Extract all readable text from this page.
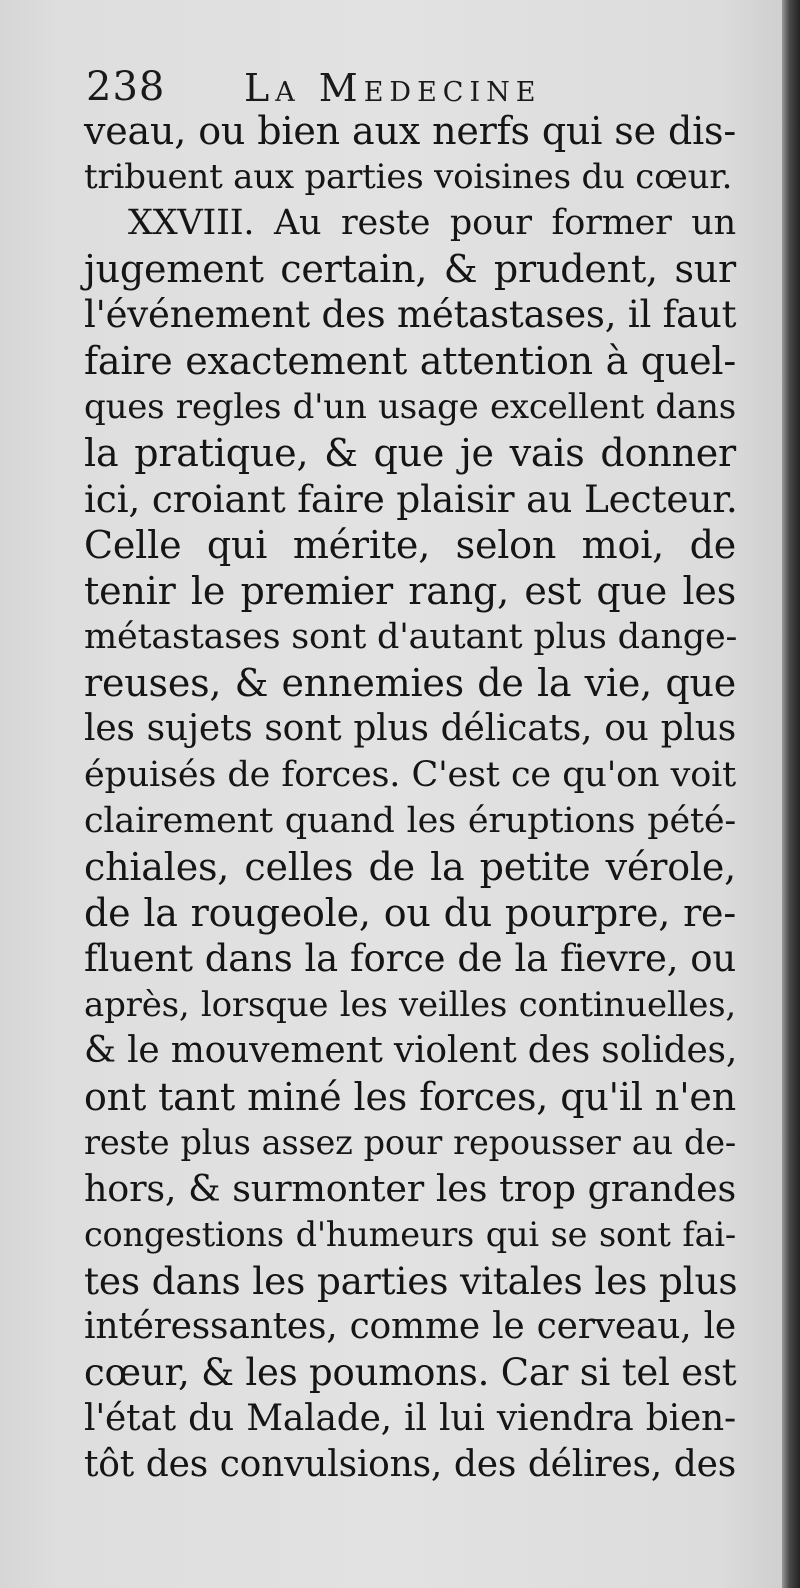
238 La Medecine
veau, ou bien aux nerfs qui se dis-
tribuent aux parties voisines du cœur.
XXVIII. Au reste pour former un
jugement certain, & prudent, sur
l'événement des métastases, il faut
faire exactement attention à quel-
ques regles d'un usage excellent dans
la pratique, & que je vais donner
ici, croiant faire plaisir au Lecteur.
Celle qui mérite, selon moi, de
tenir le premier rang, est que les
métastases sont d'autant plus dange-
reuses, & ennemies de la vie, que
les sujets sont plus délicats, ou plus
épuisés de forces. C'est ce qu'on voit
clairement quand les éruptions pété-
chiales, celles de la petite vérole,
de la rougeole, ou du pourpre, re-
fluent dans la force de la fievre, ou
après, lorsque les veilles continuelles,
& le mouvement violent des solides,
ont tant miné les forces, qu'il n'en
reste plus assez pour repousser au de-
hors, & surmonter les trop grandes
congestions d'humeurs qui se sont fai-
tes dans les parties vitales les plus
intéressantes, comme le cerveau, le
cœur, & les poumons. Car si tel est
l'état du Malade, il lui viendra bien-
tôt des convulsions, des délires, des
